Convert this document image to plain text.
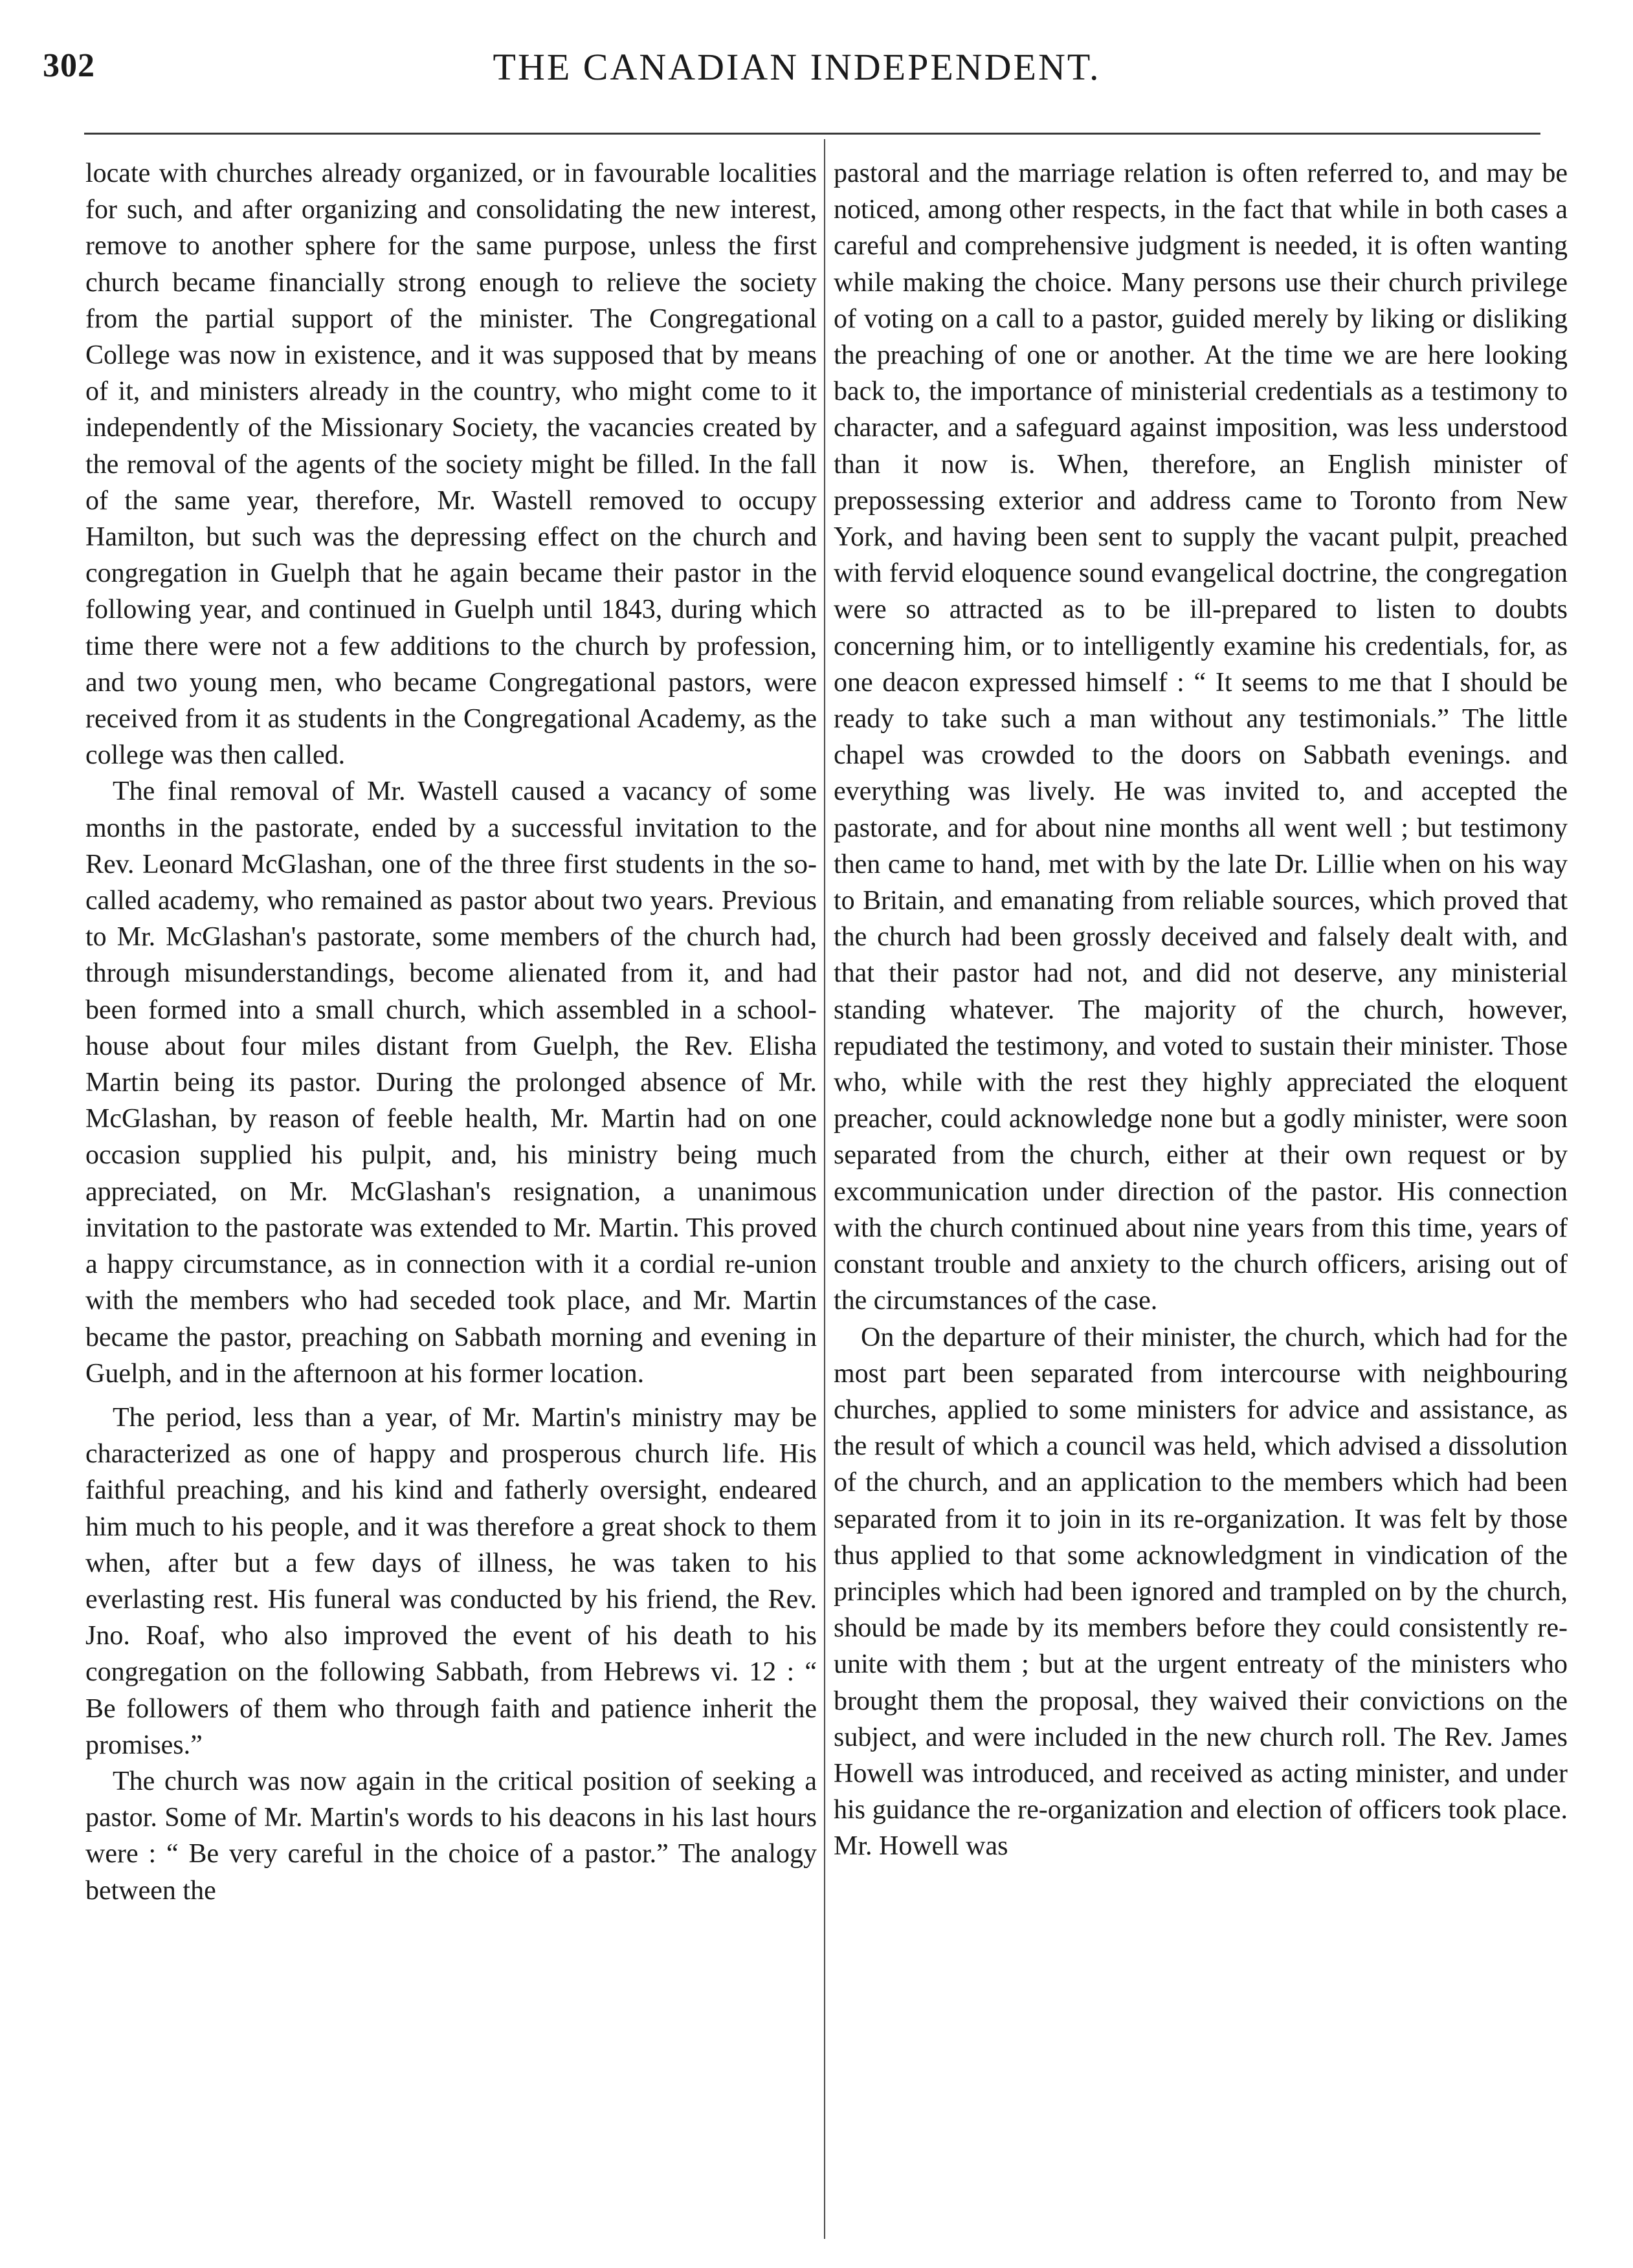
302	THE CANADIAN INDEPENDENT.

locate with churches already organized, or in favourable localities for such, and after organizing and consolidating the new interest, remove to another sphere for the same purpose, unless the first church became financially strong enough to relieve the society from the partial support of the minister. The Congregational College was now in existence, and it was supposed that by means of it, and ministers already in the country, who might come to it independently of the Missionary Society, the vacancies created by the removal of the agents of the society might be filled. In the fall of the same year, therefore, Mr. Wastell removed to occupy Hamilton, but such was the depressing effect on the church and congregation in Guelph that he again became their pastor in the following year, and continued in Guelph until 1843, during which time there were not a few additions to the church by profession, and two young men, who became Congregational pastors, were received from it as students in the Congregational Academy, as the college was then called.

The final removal of Mr. Wastell caused a vacancy of some months in the pastorate, ended by a successful invitation to the Rev. Leonard McGlashan, one of the three first students in the so-called academy, who remained as pastor about two years. Previous to Mr. McGlashan's pastorate, some members of the church had, through misunderstandings, become alienated from it, and had been formed into a small church, which assembled in a school-house about four miles distant from Guelph, the Rev. Elisha Martin being its pastor. During the prolonged absence of Mr. McGlashan, by reason of feeble health, Mr. Martin had on one occasion supplied his pulpit, and, his ministry being much appreciated, on Mr. McGlashan's resignation, a unanimous invitation to the pastorate was extended to Mr. Martin. This proved a happy circumstance, as in connection with it a cordial re-union with the members who had seceded took place, and Mr. Martin became the pastor, preaching on Sabbath morning and evening in Guelph, and in the afternoon at his former location.

The period, less than a year, of Mr. Martin's ministry may be characterized as one of happy and prosperous church life. His faithful preaching, and his kind and fatherly oversight, endeared him much to his people, and it was therefore a great shock to them when, after but a few days of illness, he was taken to his everlasting rest. His funeral was conducted by his friend, the Rev. Jno. Roaf, who also improved the event of his death to his congregation on the following Sabbath, from Hebrews vi. 12 : “ Be followers of them who through faith and patience inherit the promises.”

The church was now again in the critical position of seeking a pastor. Some of Mr. Martin's words to his deacons in his last hours were : “ Be very careful in the choice of a pastor.” The analogy between the

pastoral and the marriage relation is often referred to, and may be noticed, among other respects, in the fact that while in both cases a careful and comprehensive judgment is needed, it is often wanting while making the choice. Many persons use their church privilege of voting on a call to a pastor, guided merely by liking or disliking the preaching of one or another. At the time we are here looking back to, the importance of ministerial credentials as a testimony to character, and a safeguard against imposition, was less understood than it now is. When, therefore, an English minister of prepossessing exterior and address came to Toronto from New York, and having been sent to supply the vacant pulpit, preached with fervid eloquence sound evangelical doctrine, the congregation were so attracted as to be ill-prepared to listen to doubts concerning him, or to intelligently examine his credentials, for, as one deacon expressed himself : “ It seems to me that I should be ready to take such a man without any testimonials.” The little chapel was crowded to the doors on Sabbath evenings. and everything was lively. He was invited to, and accepted the pastorate, and for about nine months all went well ; but testimony then came to hand, met with by the late Dr. Lillie when on his way to Britain, and emanating from reliable sources, which proved that the church had been grossly deceived and falsely dealt with, and that their pastor had not, and did not deserve, any ministerial standing whatever. The majority of the church, however, repudiated the testimony, and voted to sustain their minister. Those who, while with the rest they highly appreciated the eloquent preacher, could acknowledge none but a godly minister, were soon separated from the church, either at their own request or by excommunication under direction of the pastor. His connection with the church continued about nine years from this time, years of constant trouble and anxiety to the church officers, arising out of the circumstances of the case.

On the departure of their minister, the church, which had for the most part been separated from intercourse with neighbouring churches, applied to some ministers for advice and assistance, as the result of which a council was held, which advised a dissolution of the church, and an application to the members which had been separated from it to join in its re-organization. It was felt by those thus applied to that some acknowledgment in vindication of the principles which had been ignored and trampled on by the church, should be made by its members before they could consistently re-unite with them ; but at the urgent entreaty of the ministers who brought them the proposal, they waived their convictions on the subject, and were included in the new church roll. The Rev. James Howell was introduced, and received as acting minister, and under his guidance the re-organization and election of officers took place. Mr. Howell was
